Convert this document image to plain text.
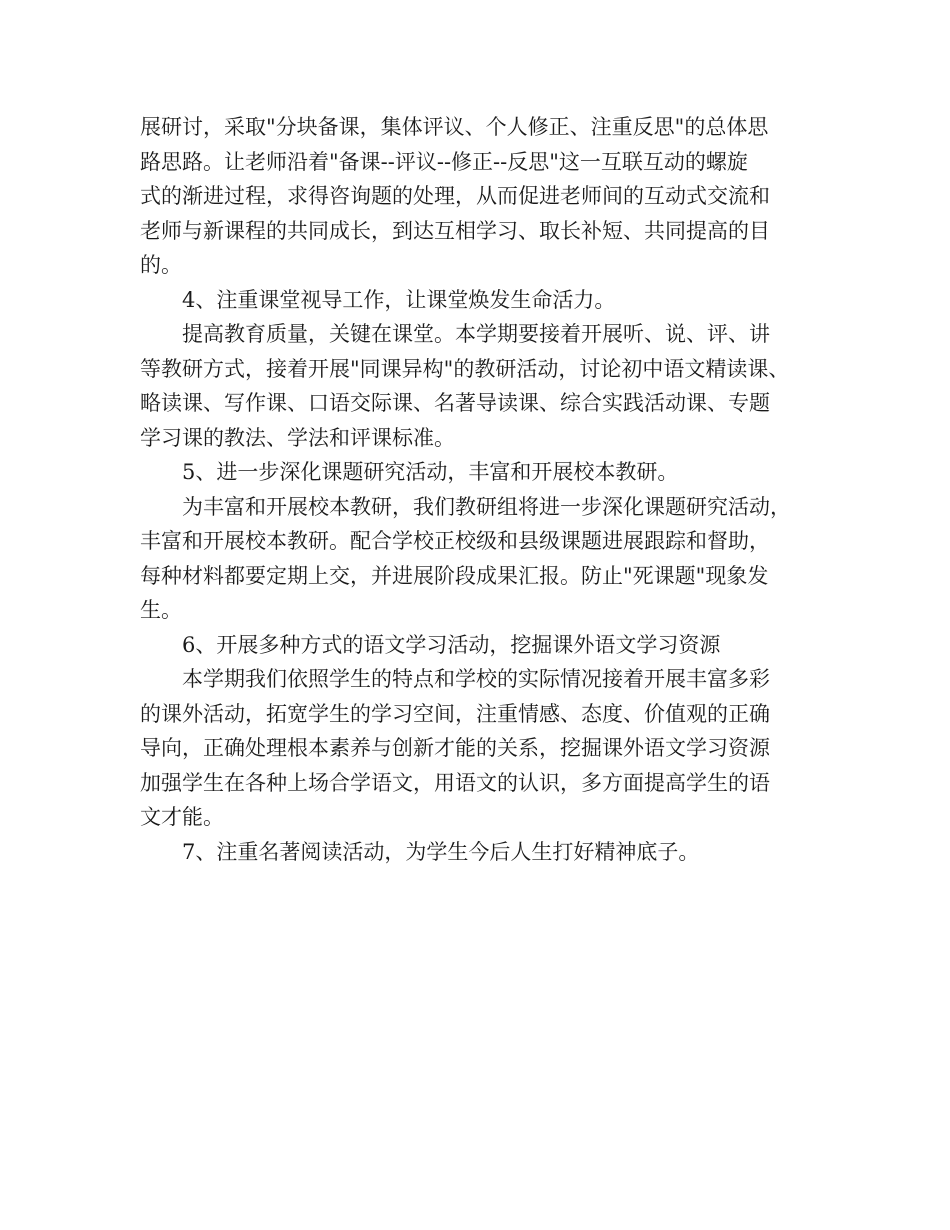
展研讨，采取"分块备课，集体评议、个人修正、注重反思"的总体思
路思路。让老师沿着"备课--评议--修正--反思"这一互联互动的螺旋
式的渐进过程，求得咨询题的处理，从而促进老师间的互动式交流和
老师与新课程的共同成长，到达互相学习、取长补短、共同提高的目
的。

4、注重课堂视导工作，让课堂焕发生命活力。

提高教育质量，关键在课堂。本学期要接着开展听、说、评、讲
等教研方式，接着开展"同课异构"的教研活动，讨论初中语文精读课、
略读课、写作课、口语交际课、名著导读课、综合实践活动课、专题
学习课的教法、学法和评课标准。

5、进一步深化课题研究活动，丰富和开展校本教研。

为丰富和开展校本教研，我们教研组将进一步深化课题研究活动，
丰富和开展校本教研。配合学校正校级和县级课题进展跟踪和督助，
每种材料都要定期上交，并进展阶段成果汇报。防止"死课题"现象发
生。

6、开展多种方式的语文学习活动，挖掘课外语文学习资源

本学期我们依照学生的特点和学校的实际情况接着开展丰富多彩
的课外活动，拓宽学生的学习空间，注重情感、态度、价值观的正确
导向，正确处理根本素养与创新才能的关系，挖掘课外语文学习资源
加强学生在各种上场合学语文，用语文的认识，多方面提高学生的语
文才能。

7、注重名著阅读活动，为学生今后人生打好精神底子。
